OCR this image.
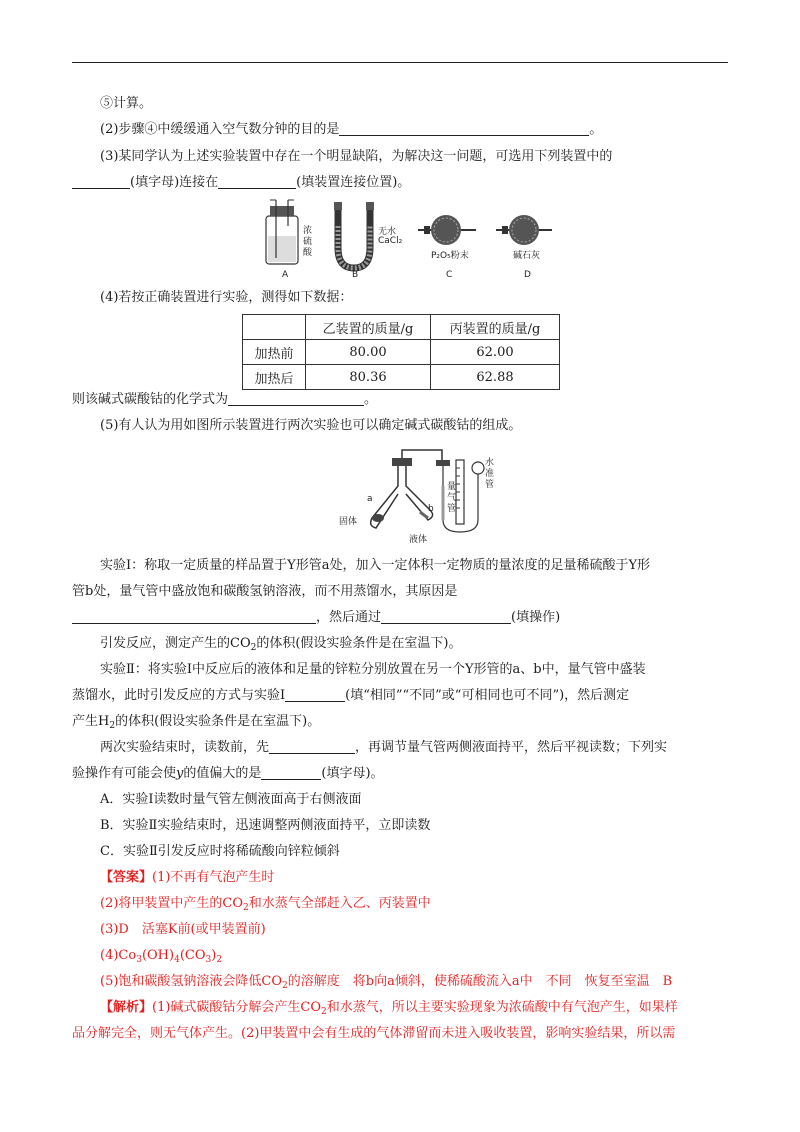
⑤计算。
(2)步骤④中缓缓通入空气数分钟的目的是	。
(3)某同学认为上述实验装置中存在一个明显缺陷，为解决这一问题，可选用下列装置中的
(填字母)连接在	(填装置连接位置)。
浓
硫
酸
无水
CaCl₂
P₂O₅粉末	碱石灰
A	B	C	D
(4)若按正确装置进行实验，测得如下数据：
	乙装置的质量/g	丙装置的质量/g
加热前	80.00	62.00
加热后	80.36	62.88
则该碱式碳酸钴的化学式为	。
(5)有人认为用如图所示装置进行两次实验也可以确定碱式碳酸钴的组成。
a
b
固体
液体
水
准
管
量
气
管
实验Ⅰ：称取一定质量的样品置于Y形管a处，加入一定体积一定物质的量浓度的足量稀硫酸于Y形
管b处，量气管中盛放饱和碳酸氢钠溶液，而不用蒸馏水，其原因是
，然后通过	(填操作)
引发反应，测定产生的$CO_2$的体积(假设实验条件是在室温下)。
实验Ⅱ：将实验Ⅰ中反应后的液体和足量的锌粒分别放置在另一个Y形管的a、b中，量气管中盛装
蒸馏水，此时引发反应的方式与实验Ⅰ	(填“相同”“不同”或“可相同也可不同”)，然后测定
产生$H_2$的体积(假设实验条件是在室温下)。
两次实验结束时，读数前，先	，再调节量气管两侧液面持平，然后平视读数；下列实
验操作有可能会使y的值偏大的是	(填字母)。
A．实验Ⅰ读数时量气管左侧液面高于右侧液面
B．实验Ⅱ实验结束时，迅速调整两侧液面持平，立即读数
C．实验Ⅱ引发反应时将稀硫酸向锌粒倾斜
【答案】(1)不再有气泡产生时
(2)将甲装置中产生的$CO_2$和水蒸气全部赶入乙、丙装置中
(3)D　活塞K前(或甲装置前)
$(4)Co_3(OH)_4(CO_3)_2$
(5)饱和碳酸氢钠溶液会降低$CO_2$的溶解度　将b向a倾斜，使稀硫酸流入a中　不同　恢复至室温　B
【解析】(1)碱式碳酸钴分解会产生$CO_2$和水蒸气，所以主要实验现象为浓硫酸中有气泡产生，如果样
品分解完全，则无气体产生。(2)甲装置中会有生成的气体滞留而未进入吸收装置，影响实验结果，所以需
